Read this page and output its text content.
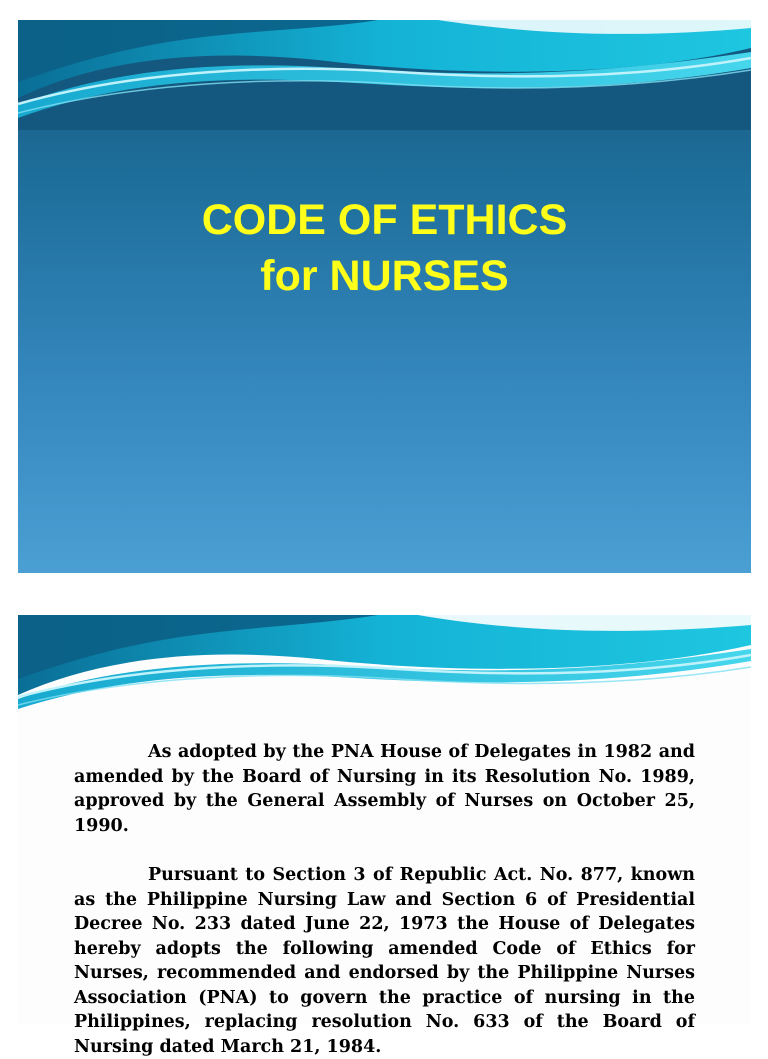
CODE OF ETHICS
for NURSES

As adopted by the PNA House of Delegates in 1982 and amended by the Board of Nursing in its Resolution No. 1989, approved by the General Assembly of Nurses on October 25, 1990.

Pursuant to Section 3 of Republic Act. No. 877, known as the Philippine Nursing Law and Section 6 of Presidential Decree No. 233 dated June 22, 1973 the House of Delegates hereby adopts the following amended Code of Ethics for Nurses, recommended and endorsed by the Philippine Nurses Association (PNA) to govern the practice of nursing in the Philippines, replacing resolution No. 633 of the Board of Nursing dated March 21, 1984.
